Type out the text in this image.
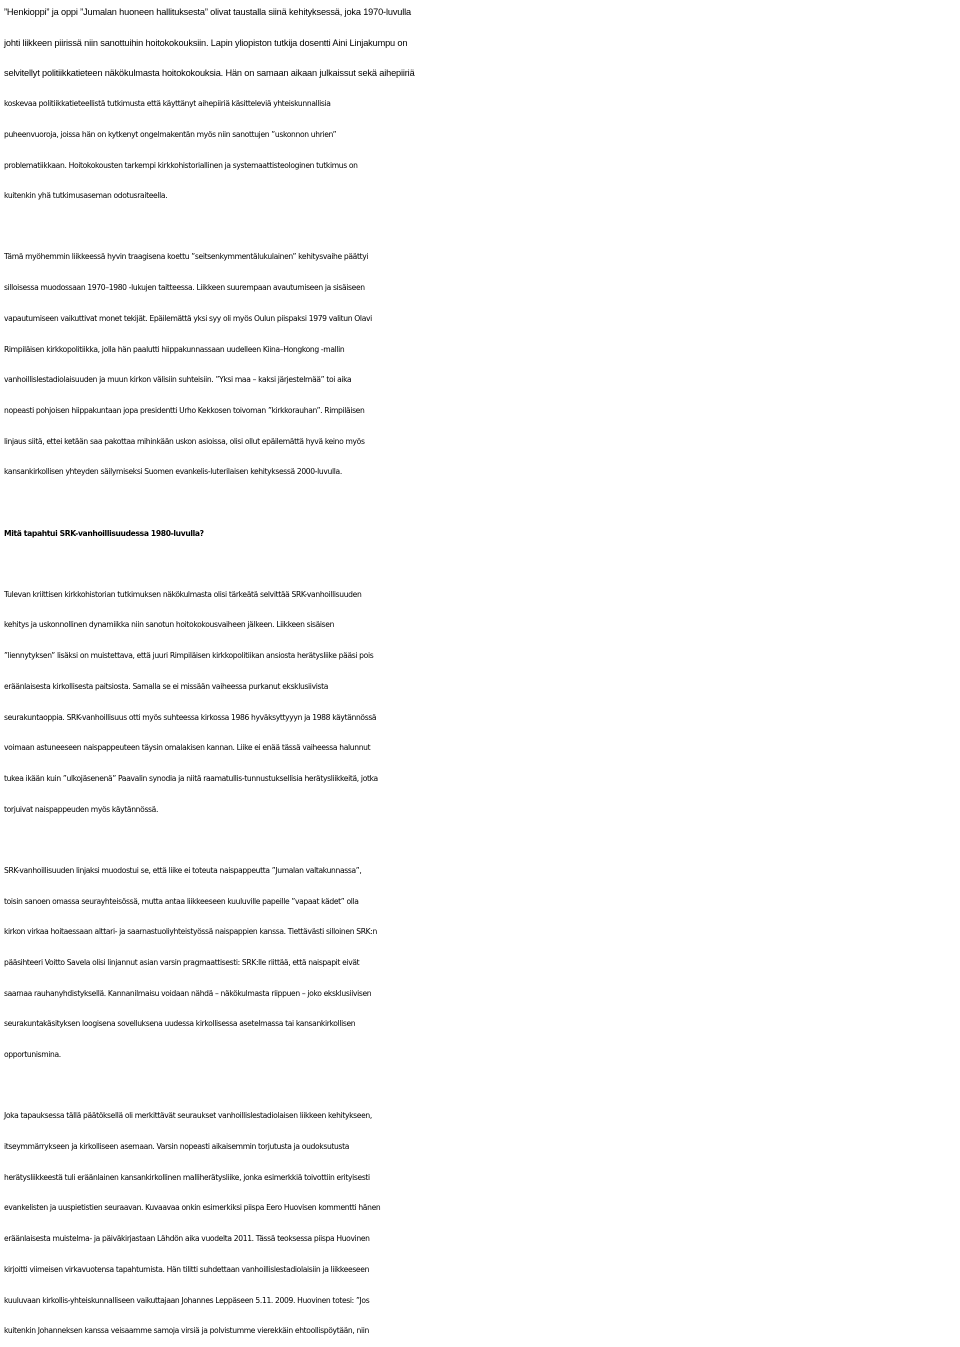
”Henkioppi” ja oppi ”Jumalan huoneen hallituksesta” olivat taustalla siinä kehityksessä, joka 1970-luvulla
johti liikkeen piirissä niin sanottuihin hoitokokouksiin. Lapin yliopiston tutkija dosentti Aini Linjakumpu on
selvitellyt politiikkatieteen näkökulmasta hoitokokouksia. Hän on samaan aikaan julkaissut sekä aihepiiriä
koskevaa politiikkatieteellistä tutkimusta että käyttänyt aihepiiriä käsitteleviä yhteiskunnallisia
puheenvuoroja, joissa hän on kytkenyt ongelmakentän myös niin sanottujen ”uskonnon uhrien”
problematiikkaan. Hoitokokousten tarkempi kirkkohistoriallinen ja systemaattisteologinen tutkimus on
kuitenkin yhä tutkimusaseman odotusraiteella.
Tämä myöhemmin liikkeessä hyvin traagisena koettu ”seitsenkymmentälukulainen” kehitysvaihe päättyi
silloisessa muodossaan 1970–1980 -lukujen taitteessa. Liikkeen suurempaan avautumiseen ja sisäiseen
vapautumiseen vaikuttivat monet tekijät. Epäilemättä yksi syy oli myös Oulun piispaksi 1979 valitun Olavi
Rimpiläisen kirkkopolitiikka, jolla hän paalutti hiippakunnassaan uudelleen Kiina–Hongkong -mallin
vanhoillislestadiolaisuuden ja muun kirkon välisiin suhteisiin. ”Yksi maa – kaksi järjestelmää” toi aika
nopeasti pohjoisen hiippakuntaan jopa presidentti Urho Kekkosen toivoman ”kirkkorauhan”. Rimpiläisen
linjaus siitä, ettei ketään saa pakottaa mihinkään uskon asioissa, olisi ollut epäilemättä hyvä keino myös
kansankirkollisen yhteyden säilymiseksi Suomen evankelis-luterilaisen kehityksessä 2000-luvulla.
Mitä tapahtui SRK-vanhoillisuudessa 1980-luvulla?
Tulevan kriittisen kirkkohistorian tutkimuksen näkökulmasta olisi tärkeätä selvittää SRK-vanhoillisuuden
kehitys ja uskonnollinen dynamiikka niin sanotun hoitokokousvaiheen jälkeen. Liikkeen sisäisen
”liennytyksen” lisäksi on muistettava, että juuri Rimpiläisen kirkkopolitiikan ansiosta herätysliike pääsi pois
eräänlaisesta kirkollisesta paitsiosta. Samalla se ei missään vaiheessa purkanut eksklusiivista
seurakuntaoppia. SRK-vanhoillisuus otti myös suhteessa kirkossa 1986 hyväksyttyyyn ja 1988 käytännössä
voimaan astuneeseen naispappeuteen täysin omalakisen kannan. Liike ei enää tässä vaiheessa halunnut
tukea ikään kuin ”ulkojäsenenä” Paavalin synodia ja niitä raamatullis-tunnustuksellisia herätysliikkeitä, jotka
torjuivat naispappeuden myös käytännössä.
SRK-vanhoillisuuden linjaksi muodostui se, että liike ei toteuta naispappeutta ”Jumalan valtakunnassa”,
toisin sanoen omassa seurayhteisössä, mutta antaa liikkeeseen kuuluville papeille ”vapaat kädet” olla
kirkon virkaa hoitaessaan alttari- ja saarnastuoliyhteistyössä naispappien kanssa. Tiettävästi silloinen SRK:n
pääsihteeri Voitto Savela olisi linjannut asian varsin pragmaattisesti: SRK:lle riittää, että naispapit eivät
saarnaa rauhanyhdistyksellä. Kannanilmaisu voidaan nähdä – näkökulmasta riippuen – joko eksklusiivisen
seurakuntakäsityksen loogisena sovelluksena uudessa kirkollisessa asetelmassa tai kansankirkollisen
opportunismina.
Joka tapauksessa tällä päätöksellä oli merkittävät seuraukset vanhoillislestadiolaisen liikkeen kehitykseen,
itseymmärrykseen ja kirkolliseen asemaan. Varsin nopeasti aikaisemmin torjutusta ja oudoksutusta
herätysliikkeestä tuli eräänlainen kansankirkollinen malliherätysliike, jonka esimerkkiä toivottiin erityisesti
evankelisten ja uuspietistien seuraavan. Kuvaavaa onkin esimerkiksi piispa Eero Huovisen kommentti hänen
eräänlaisesta muistelma- ja päiväkirjastaan Lähdön aika vuodelta 2011. Tässä teoksessa piispa Huovinen
kirjoitti viimeisen virkavuotensa tapahtumista. Hän tilitti suhdettaan vanhoillislestadiolaisiin ja liikkeeseen
kuuluvaan kirkollis-yhteiskunnalliseen vaikuttajaan Johannes Leppäseen 5.11. 2009. Huovinen totesi: ”Jos
kuitenkin Johanneksen kanssa veisaamme samoja virsiä ja polvistumme vierekkäin ehtoollispöytään, niin
